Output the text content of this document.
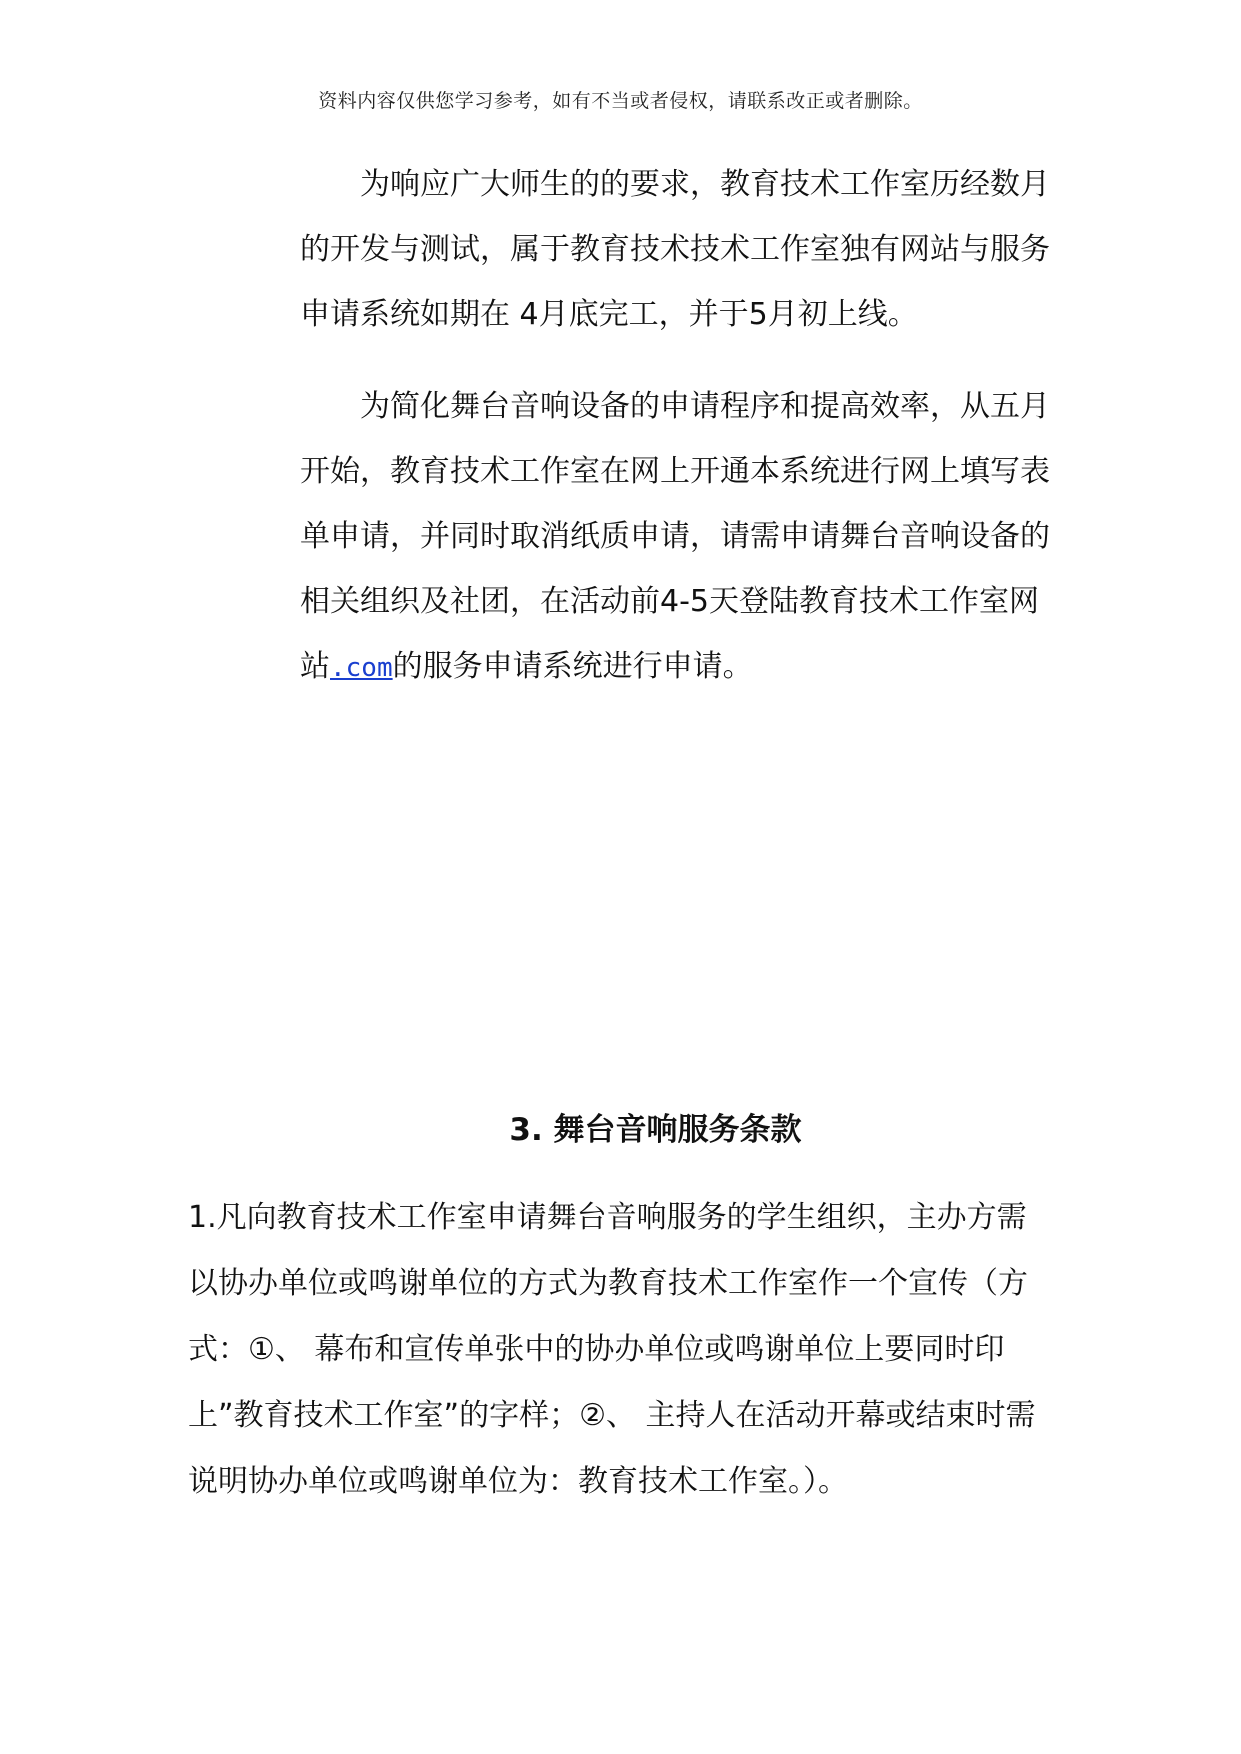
资料内容仅供您学习参考，如有不当或者侵权，请联系改正或者删除。

为响应广大师生的的要求，教育技术工作室历经数月的开发与测试，属于教育技术技术工作室独有网站与服务申请系统如期在 4月底完工，并于5月初上线。

为简化舞台音响设备的申请程序和提高效率，从五月开始，教育技术工作室在网上开通本系统进行网上填写表单申请，并同时取消纸质申请，请需申请舞台音响设备的相关组织及社团，在活动前4-5天登陆教育技术工作室网站.com的服务申请系统进行申请。

3. 舞台音响服务条款

1.凡向教育技术工作室申请舞台音响服务的学生组织，主办方需以协办单位或鸣谢单位的方式为教育技术工作室作一个宣传（方式：①、 幕布和宣传单张中的协办单位或鸣谢单位上要同时印上”教育技术工作室”的字样；②、 主持人在活动开幕或结束时需说明协办单位或鸣谢单位为：教育技术工作室。）。
